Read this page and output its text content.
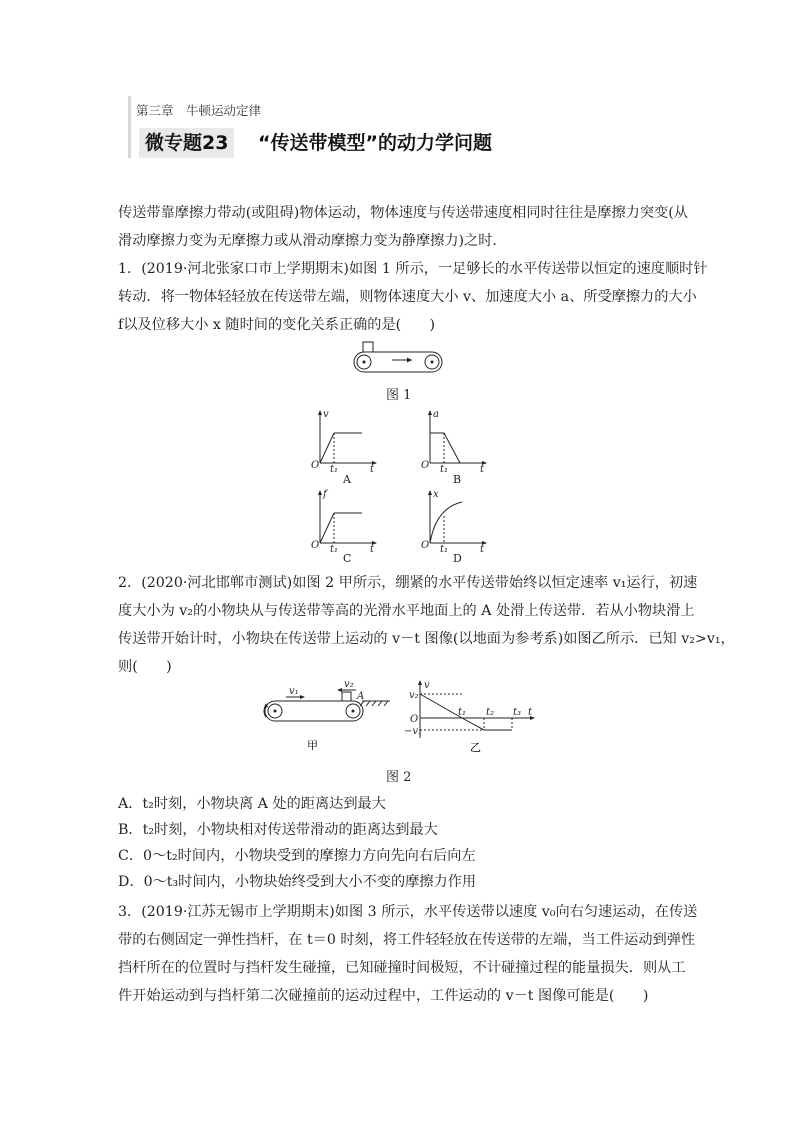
第三章　牛顿运动定律
微专题23	“传送带模型”的动力学问题
传送带靠摩擦力带动(或阻碍)物体运动，物体速度与传送带速度相同时往往是摩擦力突变(从
滑动摩擦力变为无摩擦力或从滑动摩擦力变为静摩擦力)之时．
1．(2019·河北张家口市上学期期末)如图 1 所示，一足够长的水平传送带以恒定的速度顺时针
转动．将一物体轻轻放在传送带左端，则物体速度大小 v、加速度大小 a、所受摩擦力的大小
f以及位移大小 x 随时间的变化关系正确的是(　　)
图 1
v
O t₁	t
A
a
O t₁	t
B
f
O t₁	t
C
x
O t₁	t
D
2．(2020·河北邯郸市测试)如图 2 甲所示，绷紧的水平传送带始终以恒定速率 v₁运行，初速
度大小为 v₂的小物块从与传送带等高的光滑水平地面上的 A 处滑上传送带．若从小物块滑上
传送带开始计时，小物块在传送带上运动的 v－t 图像(以地面为参考系)如图乙所示．已知 v₂>v₁，
则(　　)
v₁
v₂
A
甲
v
v₂
O
−v₁
t₁ t₂ t₃ t
乙
图 2
A．t₂时刻，小物块离 A 处的距离达到最大
B．t₂时刻，小物块相对传送带滑动的距离达到最大
C．0～t₂时间内，小物块受到的摩擦力方向先向右后向左
D．0～t₃时间内，小物块始终受到大小不变的摩擦力作用
3．(2019·江苏无锡市上学期期末)如图 3 所示，水平传送带以速度 v₀向右匀速运动，在传送
带的右侧固定一弹性挡杆，在 t＝0 时刻，将工件轻轻放在传送带的左端，当工件运动到弹性
挡杆所在的位置时与挡杆发生碰撞，已知碰撞时间极短，不计碰撞过程的能量损失．则从工
件开始运动到与挡杆第二次碰撞前的运动过程中，工件运动的 v－t 图像可能是(　　)
